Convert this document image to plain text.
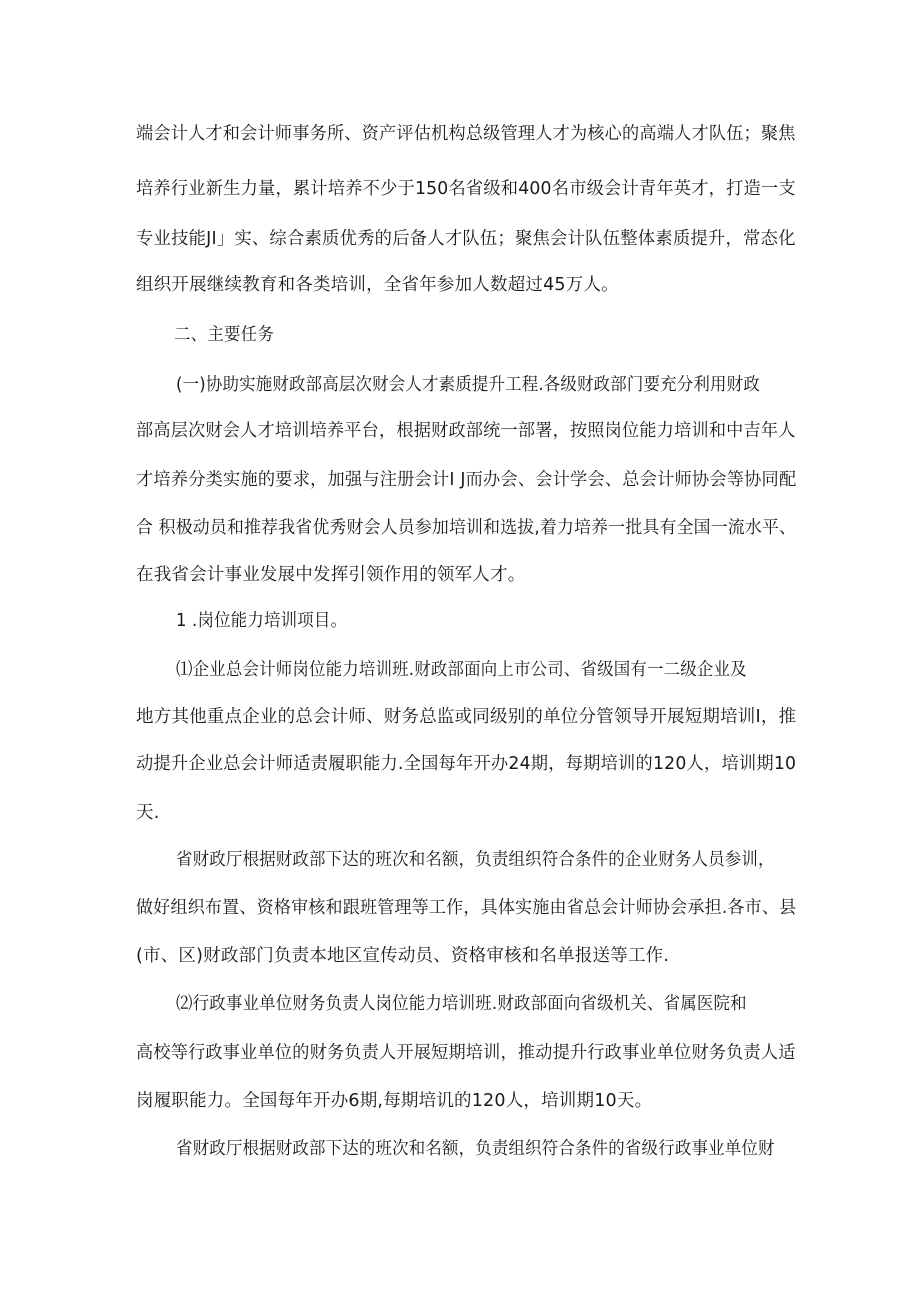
端会计人才和会计师事务所、资产评估机构总级管理人才为核心的高端人才队伍；聚焦
培养行业新生力量，累计培养不少于150名省级和400名市级会计青年英才，打造一支
专业技能JI」实、综合素质优秀的后备人才队伍；聚焦会计队伍整体素质提升，常态化
组织开展继续教育和各类培训，全省年参加人数超过45万人。
二、主要任务
(一)协助实施财政部高层次财会人才素质提升工程.各级财政部门要充分利用财政
部高层次财会人才培训培养平台，根据财政部统一部署，按照岗位能力培训和中吉年人
才培养分类实施的要求，加强与注册会计I J而办会、会计学会、总会计师协会等协同配
合 积极动员和推荐我省优秀财会人员参加培训和选拔,着力培养一批具有全国一流水平、
在我省会计事业发展中发挥引领作用的领军人才。
1 .岗位能力培训项目。
⑴企业总会计师岗位能力培训班.财政部面向上市公司、省级国有一二级企业及
地方其他重点企业的总会计师、财务总监或同级别的单位分管领导开展短期培训I，推
动提升企业总会计师适责履职能力.全国每年开办24期，每期培训的120人，培训期10
天.
省财政厅根据财政部下达的班次和名额，负责组织符合条件的企业财务人员参训，
做好组织布置、资格审核和跟班管理等工作，具体实施由省总会计师协会承担.各市、县
(市、区)财政部门负责本地区宣传动员、资格审核和名单报送等工作.
⑵行政事业单位财务负责人岗位能力培训班.财政部面向省级机关、省属医院和
高校等行政事业单位的财务负责人开展短期培训，推动提升行政事业单位财务负责人适
岗履职能力。全国每年开办6期,每期培讥的120人，培训期10天。
省财政厅根据财政部下达的班次和名额，负责组织符合条件的省级行政事业单位财
